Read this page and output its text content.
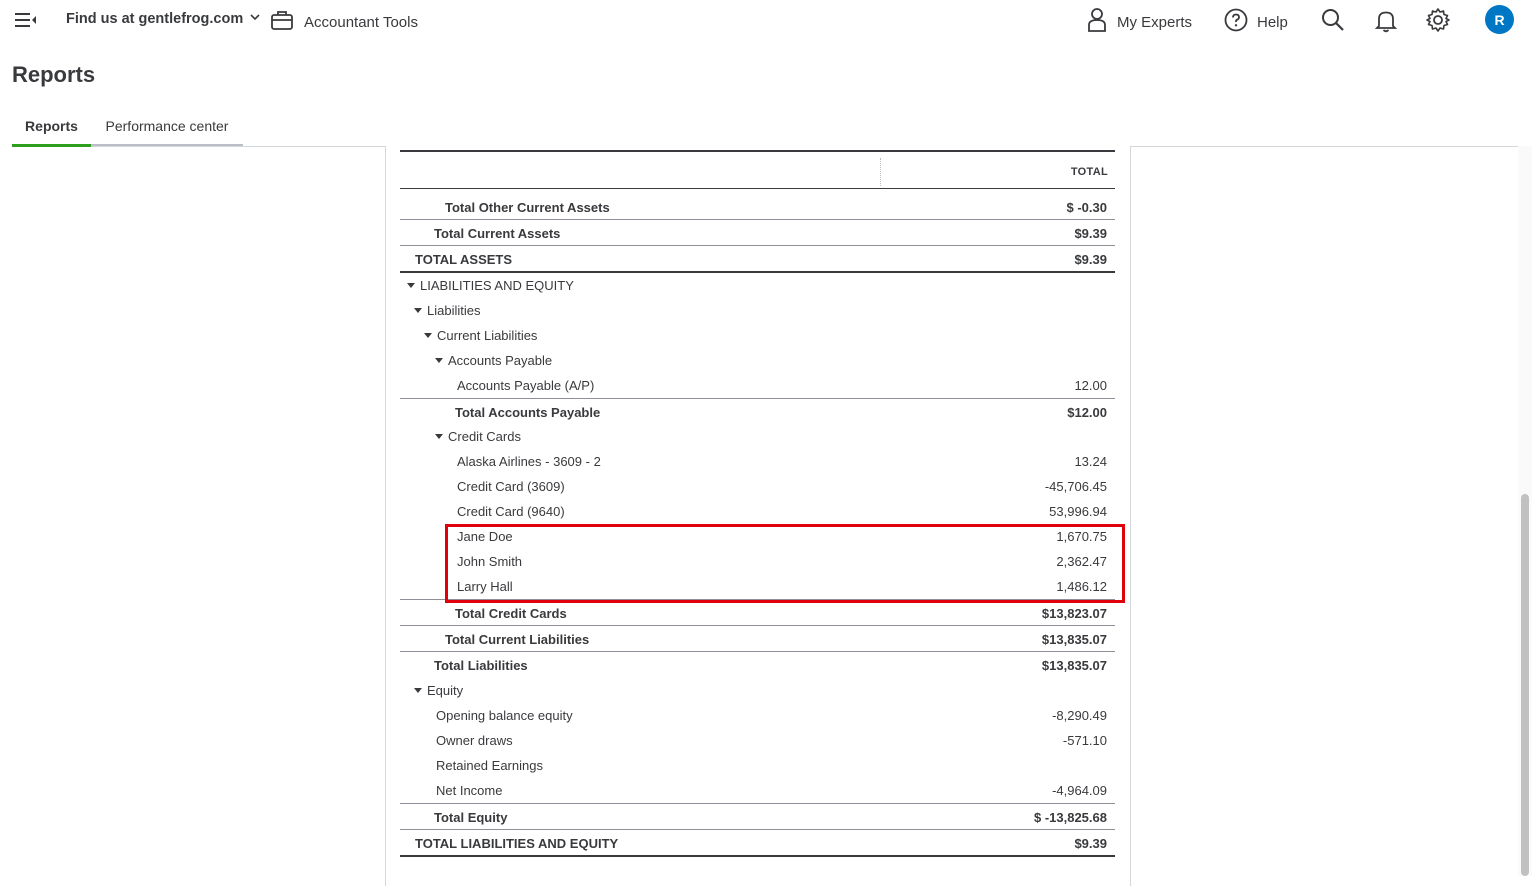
Find us at gentlefrog.com	Accountant Tools	My Experts	Help	R
Reports
Reports	Performance center
TOTAL
Total Other Current Assets	$ -0.30
Total Current Assets	$9.39
TOTAL ASSETS	$9.39
LIABILITIES AND EQUITY
Liabilities
Current Liabilities
Accounts Payable
Accounts Payable (A/P)	12.00
Total Accounts Payable	$12.00
Credit Cards
Alaska Airlines - 3609 - 2	13.24
Credit Card (3609)	-45,706.45
Credit Card (9640)	53,996.94
Jane Doe	1,670.75
John Smith	2,362.47
Larry Hall	1,486.12
Total Credit Cards	$13,823.07
Total Current Liabilities	$13,835.07
Total Liabilities	$13,835.07
Equity
Opening balance equity	-8,290.49
Owner draws	-571.10
Retained Earnings
Net Income	-4,964.09
Total Equity	$ -13,825.68
TOTAL LIABILITIES AND EQUITY	$9.39
